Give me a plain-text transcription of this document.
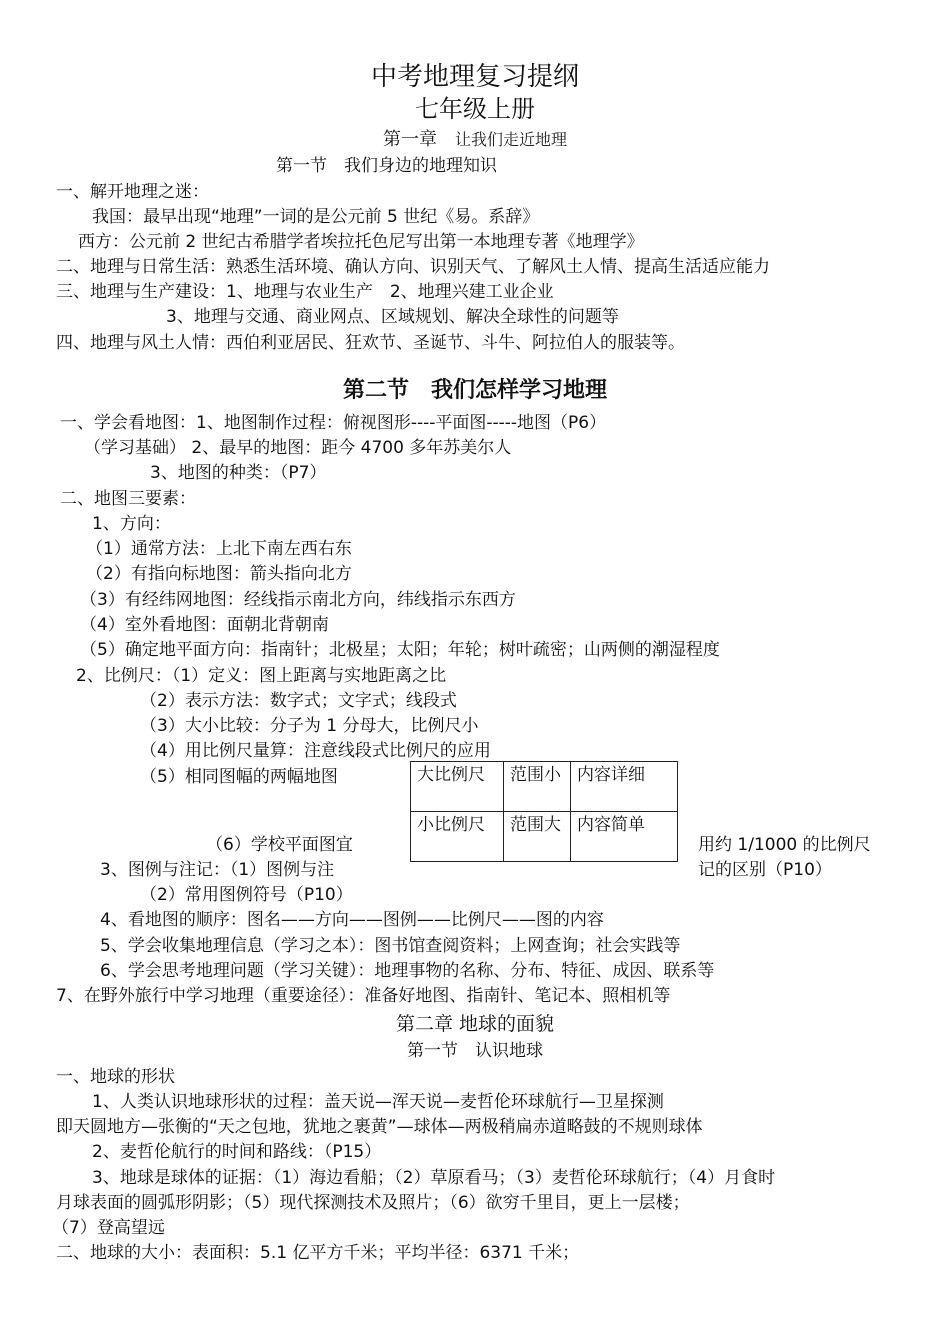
中考地理复习提纲
七年级上册
第一章 让我们走近地理
第一节　我们身边的地理知识
一、解开地理之迷：
我国：最早出现“地理”一词的是公元前 5 世纪《易。系辞》
西方：公元前 2 世纪古希腊学者埃拉托色尼写出第一本地理专著《地理学》
二、地理与日常生活：熟悉生活环境、确认方向、识别天气、了解风土人情、提高生活适应能力
三、地理与生产建设：1、地理与农业生产　2、地理兴建工业企业
3、地理与交通、商业网点、区域规划、解决全球性的问题等
四、地理与风土人情：西伯利亚居民、狂欢节、圣诞节、斗牛、阿拉伯人的服装等。
第二节　我们怎样学习地理
一、学会看地图：1、地图制作过程：俯视图形----平面图-----地图（P6）
（学习基础） 2、最早的地图：距今 4700 多年苏美尔人
3、地图的种类：（P7）
二、地图三要素：
1、方向：
（1）通常方法：上北下南左西右东
（2）有指向标地图：箭头指向北方
（3）有经纬网地图：经线指示南北方向，纬线指示东西方
（4）室外看地图：面朝北背朝南
（5）确定地平面方向：指南针；北极星；太阳；年轮；树叶疏密；山两侧的潮湿程度
2、比例尺：（1）定义：图上距离与实地距离之比
（2）表示方法：数字式；文字式；线段式
（3）大小比较：分子为 1 分母大，比例尺小
（4）用比例尺量算：注意线段式比例尺的应用
（5）相同图幅的两幅地图	大比例尺	范围小	内容详细
小比例尺	范围大	内容简单
（6）学校平面图宜	用约 1/1000 的比例尺
3、图例与注记：（1）图例与注	记的区别（P10）
（2）常用图例符号（P10）
4、看地图的顺序：图名——方向——图例——比例尺——图的内容
5、学会收集地理信息（学习之本）：图书馆查阅资料；上网查询；社会实践等
6、学会思考地理问题（学习关键）：地理事物的名称、分布、特征、成因、联系等
7、在野外旅行中学习地理（重要途径）：准备好地图、指南针、笔记本、照相机等
第二章 地球的面貌
第一节　认识地球
一、地球的形状
1、人类认识地球形状的过程：盖天说—浑天说—麦哲伦环球航行—卫星探测
即天圆地方—张衡的“天之包地，犹地之裹黄”—球体—两极稍扁赤道略鼓的不规则球体
2、麦哲伦航行的时间和路线：（P15）
3、地球是球体的证据：（1）海边看船；（2）草原看马；（3）麦哲伦环球航行；（4）月食时
月球表面的圆弧形阴影；（5）现代探测技术及照片；（6）欲穷千里目，更上一层楼；
（7）登高望远
二、地球的大小：表面积：5.1 亿平方千米；平均半径：6371 千米；
